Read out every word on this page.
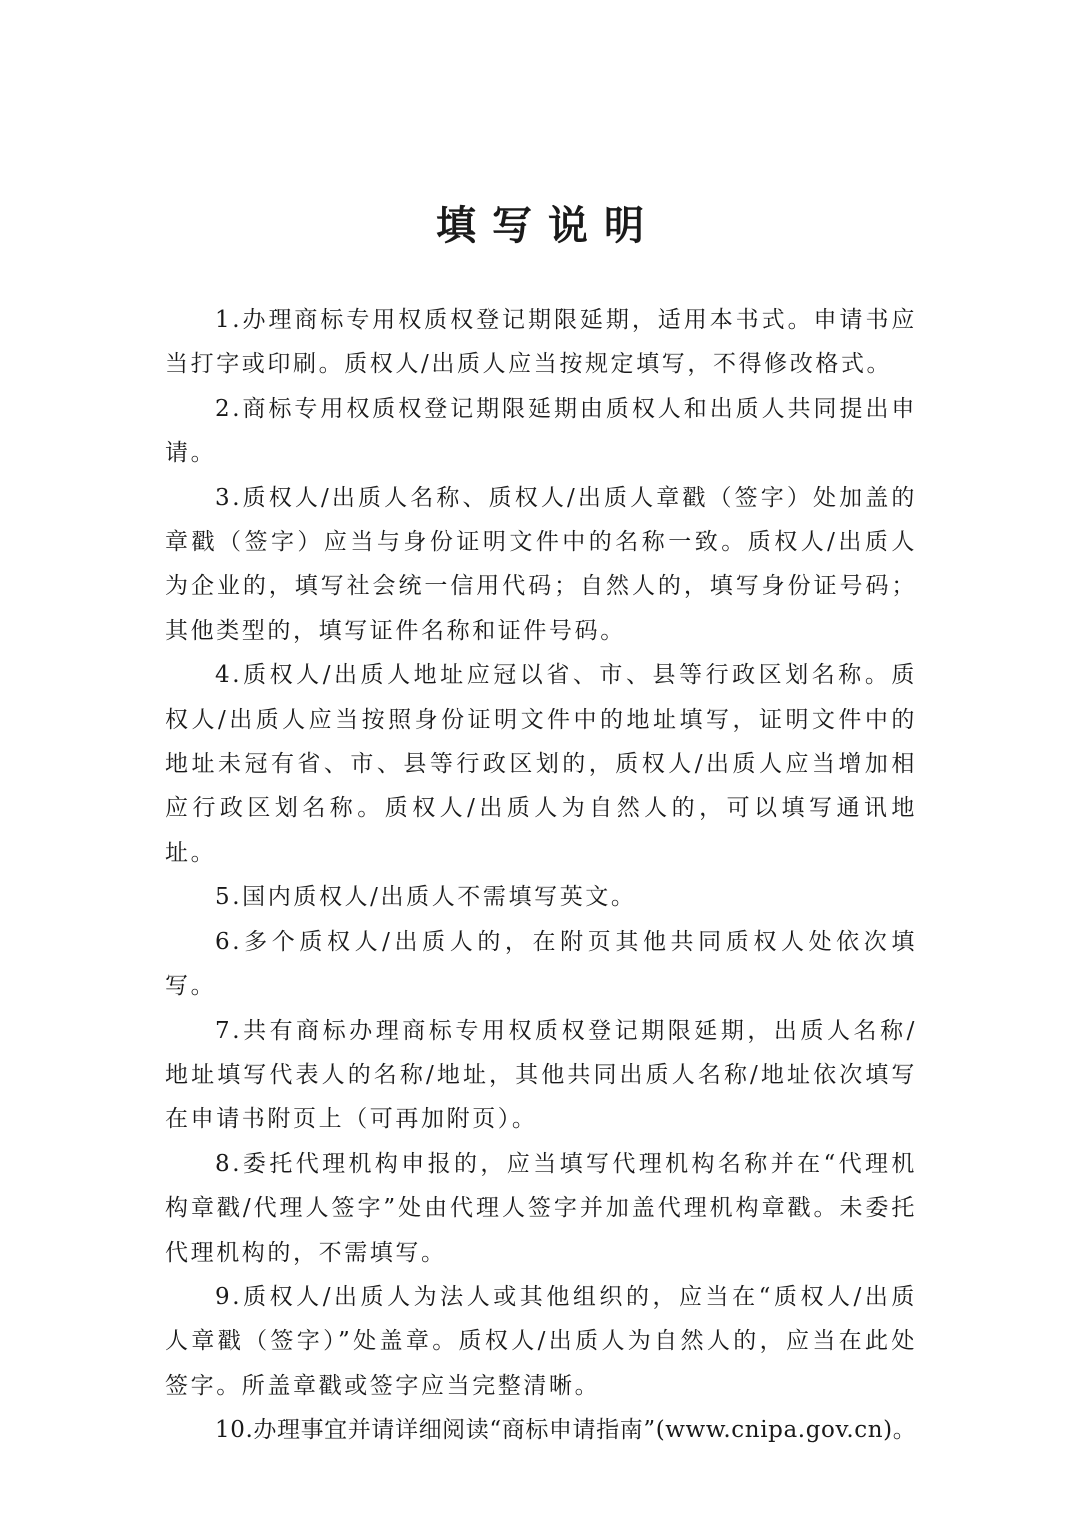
填写说明

1.办理商标专用权质权登记期限延期，适用本书式。申请书应当打字或印刷。质权人/出质人应当按规定填写，不得修改格式。

2.商标专用权质权登记期限延期由质权人和出质人共同提出申请。

3.质权人/出质人名称、质权人/出质人章戳（签字）处加盖的章戳（签字）应当与身份证明文件中的名称一致。质权人/出质人为企业的，填写社会统一信用代码；自然人的，填写身份证号码；其他类型的，填写证件名称和证件号码。

4.质权人/出质人地址应冠以省、市、县等行政区划名称。质权人/出质人应当按照身份证明文件中的地址填写，证明文件中的地址未冠有省、市、县等行政区划的，质权人/出质人应当增加相应行政区划名称。质权人/出质人为自然人的，可以填写通讯地址。

5.国内质权人/出质人不需填写英文。

6.多个质权人/出质人的，在附页其他共同质权人处依次填写。

7.共有商标办理商标专用权质权登记期限延期，出质人名称/地址填写代表人的名称/地址，其他共同出质人名称/地址依次填写在申请书附页上（可再加附页）。

8.委托代理机构申报的，应当填写代理机构名称并在“代理机构章戳/代理人签字”处由代理人签字并加盖代理机构章戳。未委托代理机构的，不需填写。

9.质权人/出质人为法人或其他组织的，应当在“质权人/出质人章戳（签字）”处盖章。质权人/出质人为自然人的，应当在此处签字。所盖章戳或签字应当完整清晰。

10.办理事宜并请详细阅读“商标申请指南”(www.cnipa.gov.cn)。
